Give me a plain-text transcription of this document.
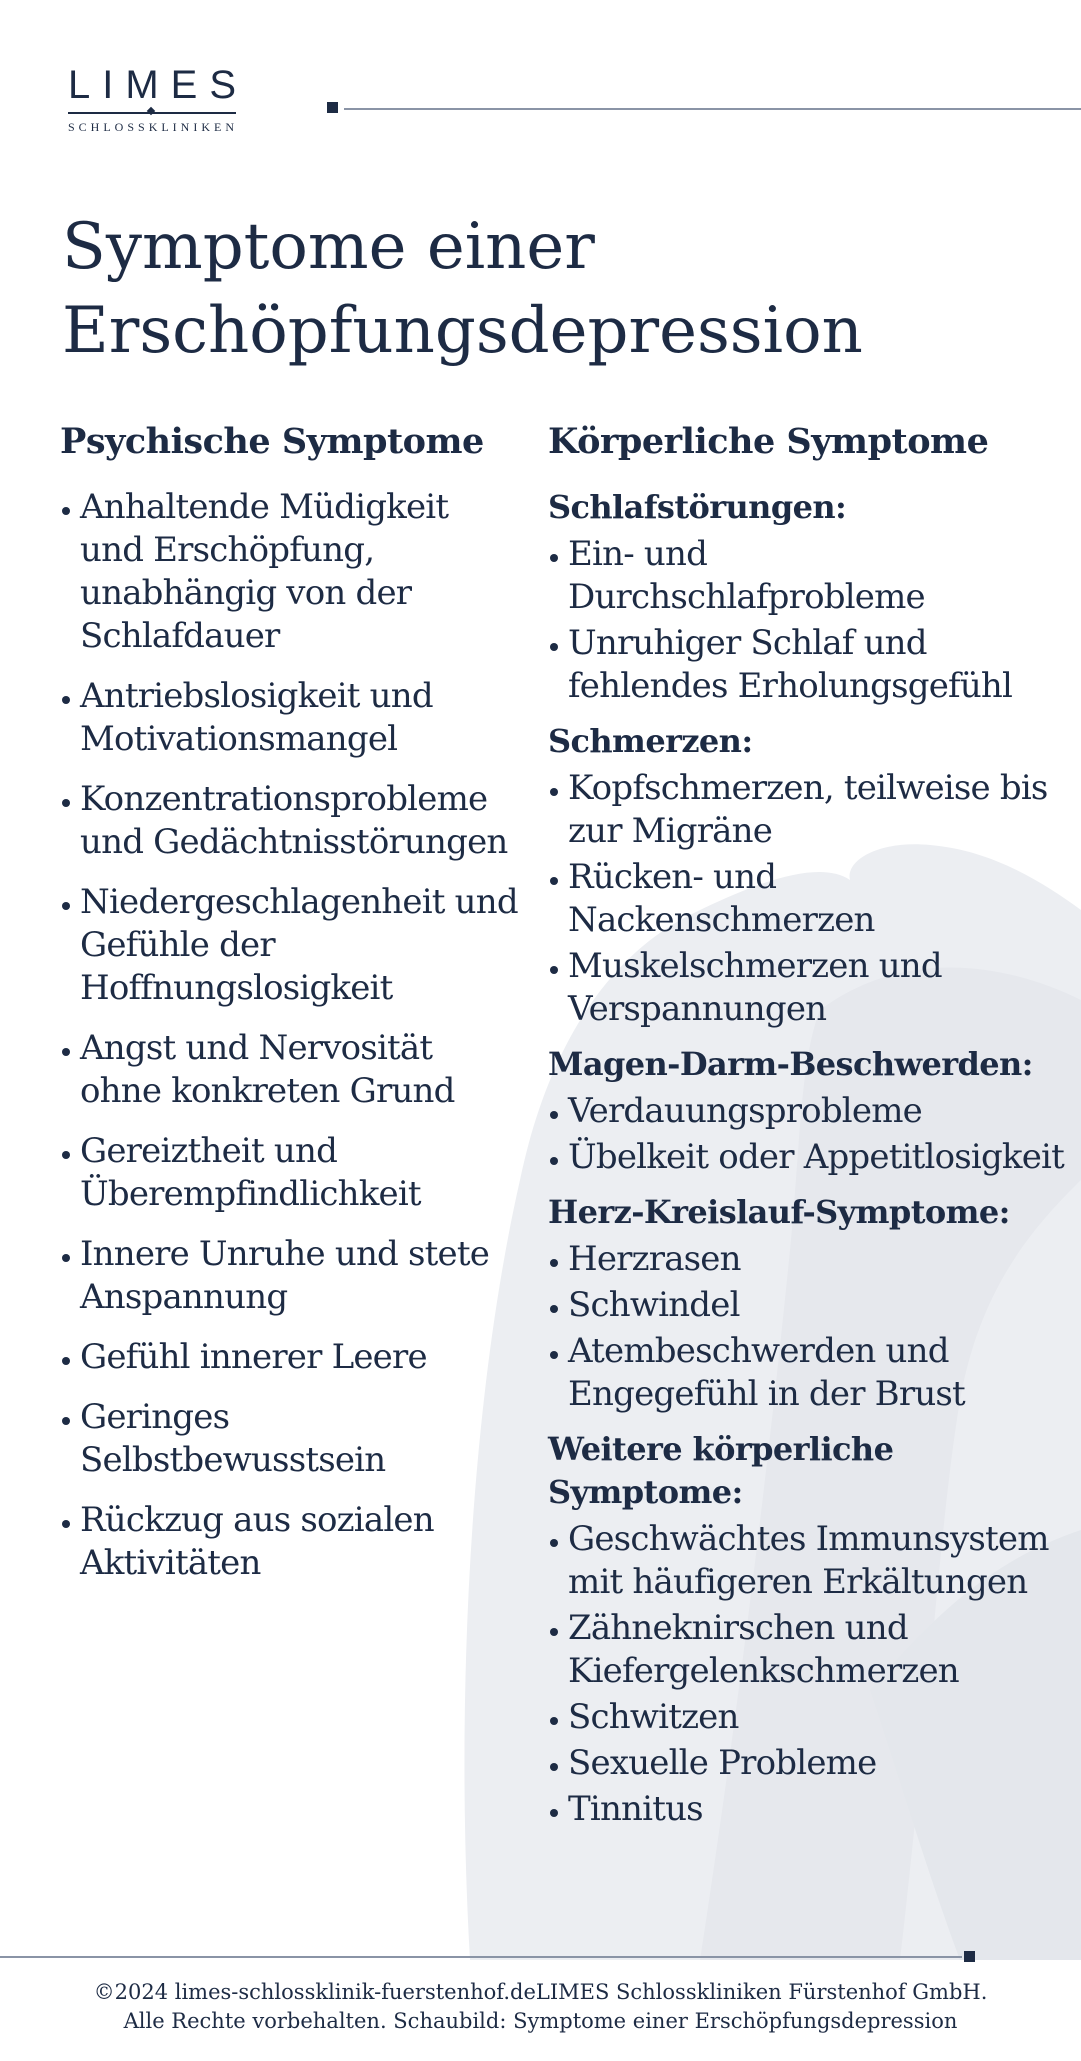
LIMES
SCHLOSSKLINIKEN
Symptome einer
Erschöpfungsdepression
Psychische Symptome
Anhaltende Müdigkeit und Erschöpfung, unabhängig von der Schlafdauer
Antriebslosigkeit und Motivationsmangel
Konzentrationsprobleme und Gedächtnisstörungen
Niedergeschlagenheit und Gefühle der Hoffnungslosigkeit
Angst und Nervosität ohne konkreten Grund
Gereiztheit und Überempfindlichkeit
Innere Unruhe und stete Anspannung
Gefühl innerer Leere
Geringes Selbstbewusstsein
Rückzug aus sozialen Aktivitäten
Körperliche Symptome
Schlafstörungen:
Ein- und Durchschlafprobleme
Unruhiger Schlaf und fehlendes Erholungsgefühl
Schmerzen:
Kopfschmerzen, teilweise bis zur Migräne
Rücken- und Nackenschmerzen
Muskelschmerzen und Verspannungen
Magen-Darm-Beschwerden:
Verdauungsprobleme
Übelkeit oder Appetitlosigkeit
Herz-Kreislauf-Symptome:
Herzrasen
Schwindel
Atembeschwerden und Engegefühl in der Brust
Weitere körperliche Symptome:
Geschwächtes Immunsystem mit häufigeren Erkältungen
Zähneknirschen und Kiefergelenkschmerzen
Schwitzen
Sexuelle Probleme
Tinnitus
©2024 limes-schlossklinik-fuerstenhof.deLIMES Schlosskliniken Fürstenhof GmbH.
Alle Rechte vorbehalten. Schaubild: Symptome einer Erschöpfungsdepression
